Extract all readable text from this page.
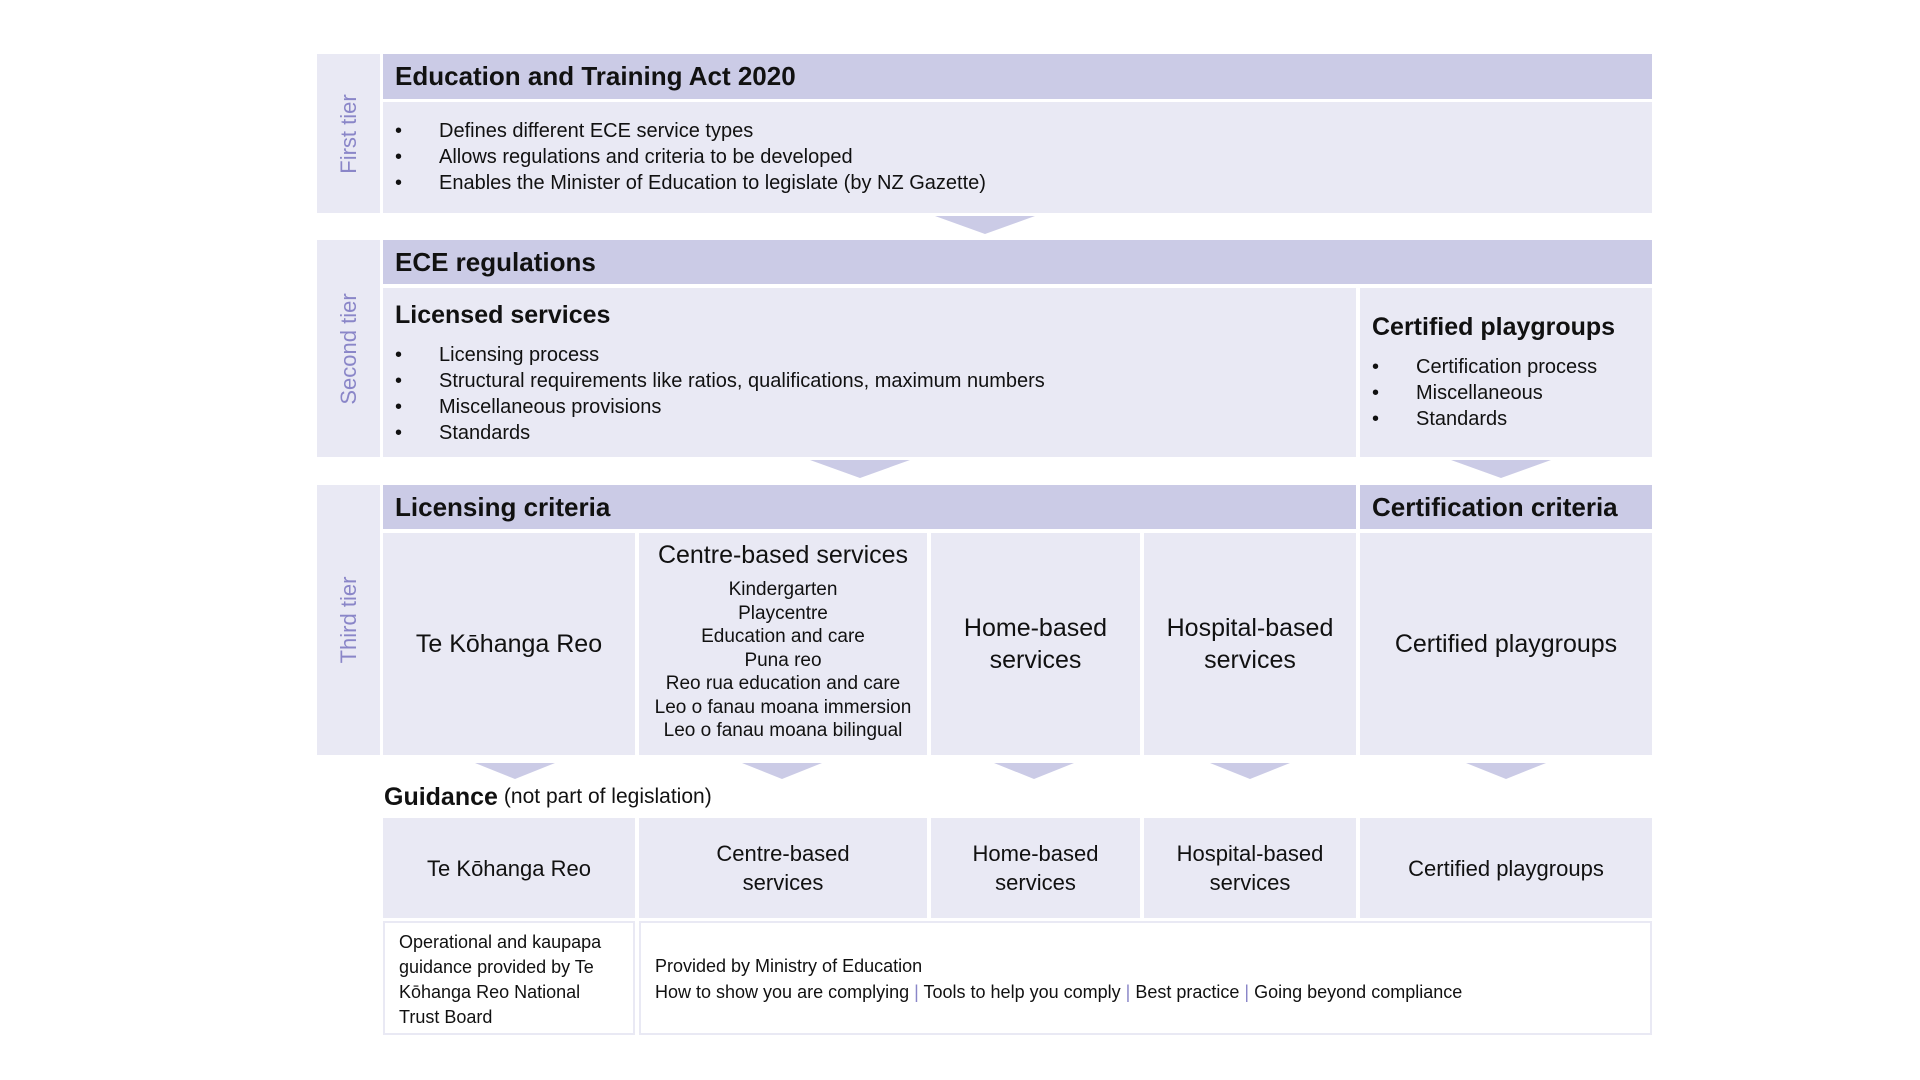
First tier
Education and Training Act 2020
• Defines different ECE service types
• Allows regulations and criteria to be developed
• Enables the Minister of Education to legislate (by NZ Gazette)
Second tier
ECE regulations
Licensed services
• Licensing process
• Structural requirements like ratios, qualifications, maximum numbers
• Miscellaneous provisions
• Standards
Certified playgroups
• Certification process
• Miscellaneous
• Standards
Third tier
Licensing criteria	Certification criteria
Te Kōhanga Reo
Centre-based services
Kindergarten
Playcentre
Education and care
Puna reo
Reo rua education and care
Leo o fanau moana immersion
Leo o fanau moana bilingual
Home-based services
Hospital-based services
Certified playgroups
Guidance (not part of legislation)
Te Kōhanga Reo
Centre-based services
Home-based services
Hospital-based services
Certified playgroups
Operational and kaupapa guidance provided by Te Kōhanga Reo National Trust Board
Provided by Ministry of Education
How to show you are complying | Tools to help you comply | Best practice | Going beyond compliance
